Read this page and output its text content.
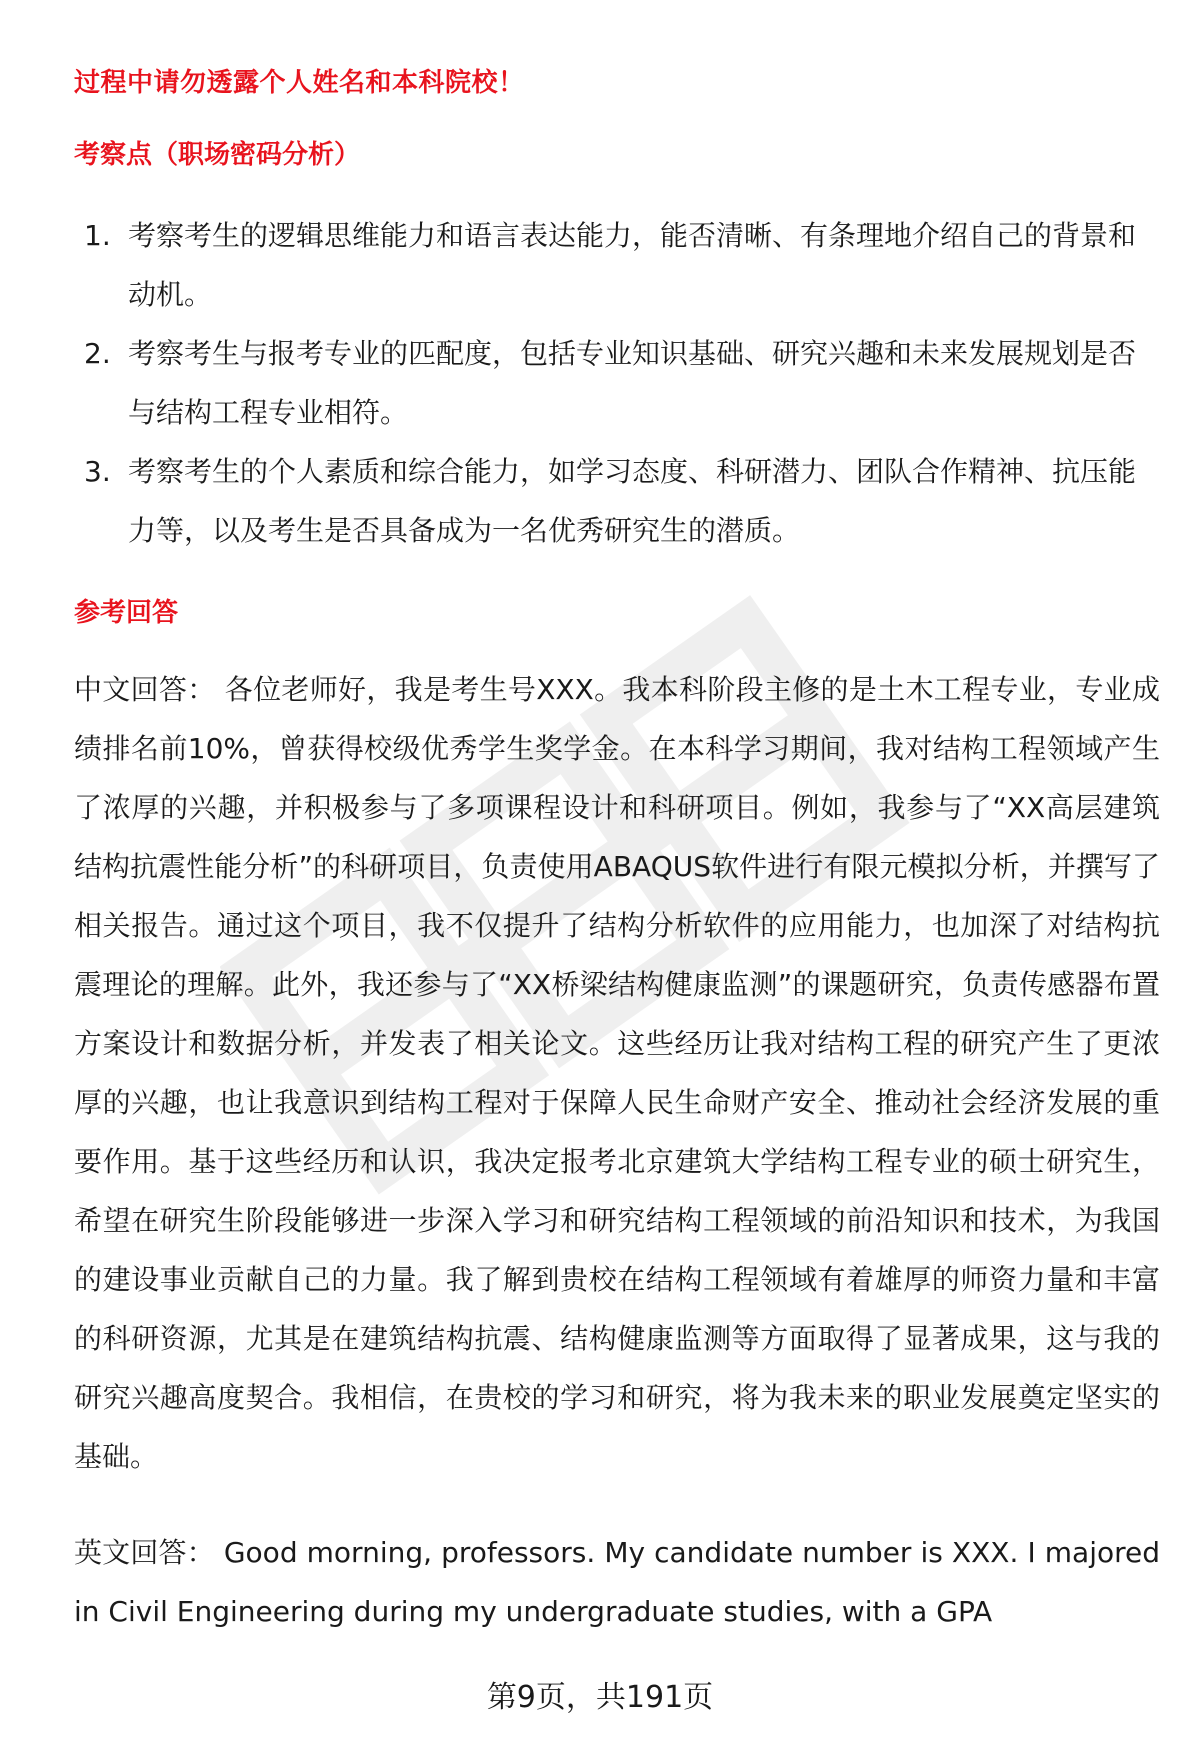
过程中请勿透露个人姓名和本科院校！
考察点（职场密码分析）
1. 考察考生的逻辑思维能力和语言表达能力，能否清晰、有条理地介绍自己的背景和动机。
2. 考察考生与报考专业的匹配度，包括专业知识基础、研究兴趣和未来发展规划是否与结构工程专业相符。
3. 考察考生的个人素质和综合能力，如学习态度、科研潜力、团队合作精神、抗压能力等，以及考生是否具备成为一名优秀研究生的潜质。
参考回答

中文回答： 各位老师好，我是考生号XXX。我本科阶段主修的是土木工程专业，专业成绩排名前10%，曾获得校级优秀学生奖学金。在本科学习期间，我对结构工程领域产生了浓厚的兴趣，并积极参与了多项课程设计和科研项目。例如，我参与了“XX高层建筑结构抗震性能分析”的科研项目，负责使用ABAQUS软件进行有限元模拟分析，并撰写了相关报告。通过这个项目，我不仅提升了结构分析软件的应用能力，也加深了对结构抗震理论的理解。此外，我还参与了“XX桥梁结构健康监测”的课题研究，负责传感器布置方案设计和数据分析，并发表了相关论文。这些经历让我对结构工程的研究产生了更浓厚的兴趣，也让我意识到结构工程对于保障人民生命财产安全、推动社会经济发展的重要作用。基于这些经历和认识，我决定报考北京建筑大学结构工程专业的硕士研究生，希望在研究生阶段能够进一步深入学习和研究结构工程领域的前沿知识和技术，为我国的建设事业贡献自己的力量。我了解到贵校在结构工程领域有着雄厚的师资力量和丰富的科研资源，尤其是在建筑结构抗震、结构健康监测等方面取得了显著成果，这与我的研究兴趣高度契合。我相信，在贵校的学习和研究，将为我未来的职业发展奠定坚实的基础。

英文回答： Good morning, professors. My candidate number is XXX. I majored in Civil Engineering during my undergraduate studies, with a GPA

第9页，共191页
